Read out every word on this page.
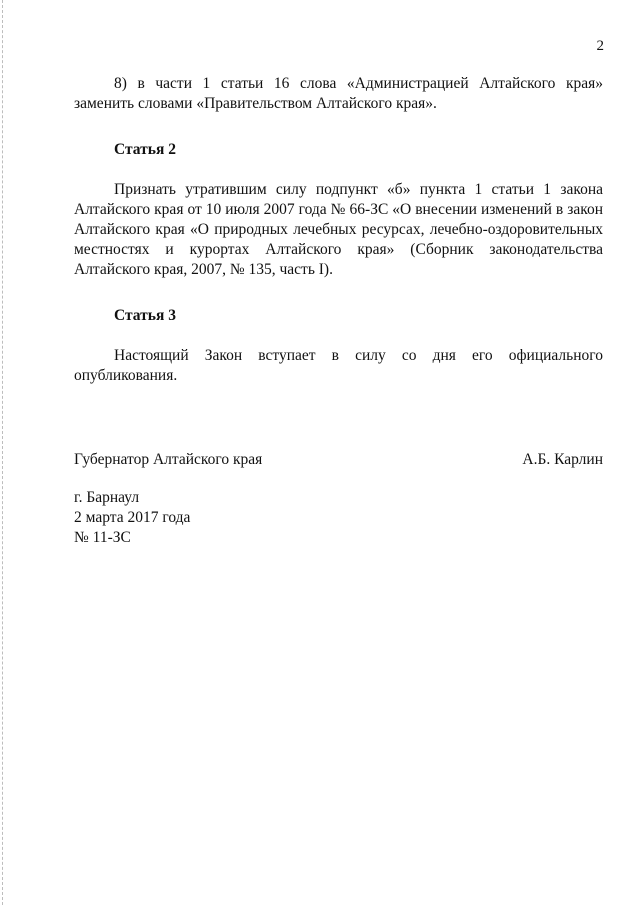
2

8) в части 1 статьи 16 слова «Администрацией Алтайского края» заменить словами «Правительством Алтайского края».

Статья 2

Признать утратившим силу подпункт «б» пункта 1 статьи 1 закона Алтайского края от 10 июля 2007 года № 66-ЗС «О внесении изменений в закон Алтайского края «О природных лечебных ресурсах, лечебно-оздоровительных местностях и курортах Алтайского края» (Сборник законодательства Алтайского края, 2007, № 135, часть I).

Статья 3

Настоящий Закон вступает в силу со дня его официального опубликования.

Губернатор Алтайского края	А.Б. Карлин

г. Барнаул

2 марта 2017 года

№ 11-ЗС
